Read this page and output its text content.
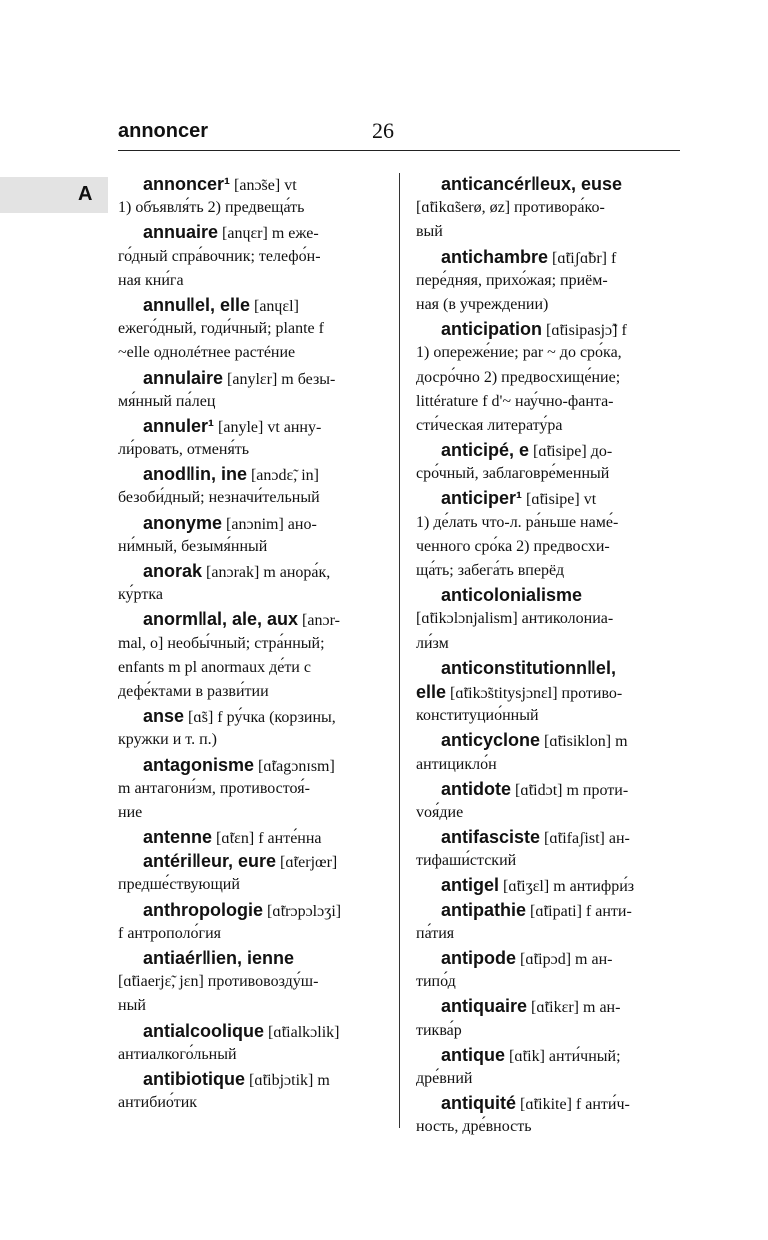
annoncer	26
A	annoncer¹ [anɔ̃se] vt
1) объявля́ть 2) предвеща́ть
annuaire [anɥɛr] m еже-
го́дный спра́вочник; телефо́н-
ная кни́га
annu‖el, elle [anɥɛl]
ежего́дный, годи́чный; plante f
~elle однолéтнее растéние
annulaire [anylɛr] m безы-
мя́нный па́лец
annuler¹ [anyle] vt анну-
ли́ровать, отменя́ть
anod‖in, ine [anɔdɛ̃, in]
безоби́дный; незначи́тельный
anonyme [anɔnim] ано-
ни́мный, безымя́нный
anorak [anɔrak] m анора́к,
ку́ртка
anorm‖al, ale, aux [anɔr-
mal, o] необы́чный; стра́нный;
enfants m pl anormaux де́ти с
дефе́ктами в разви́тии
anse [ɑ̃s] f ру́чка (корзины,
кружки и т. п.)
antagonisme [ɑ̃tagɔnɪsm]
m антагони́зм, противостоя́-
ние
antenne [ɑ̃tɛn] f анте́нна
antéri‖eur, eure [ɑ̃terjœr]
предше́ствующий
anthropologie [ɑ̃trɔpɔlɔʒi]
f антрополо́гия
antiaér‖ien, ienne
[ɑ̃tiaerjɛ̃, jɛn] противовозду́ш-
ный
antialcoolique [ɑ̃tialkɔlik]
антиалкого́льный
antibiotique [ɑ̃tibjɔtik] m
антибио́тик
anticancér‖eux, euse
[ɑ̃tikɑ̃serø, øz] противора́ко-
вый
antichambre [ɑ̃tiʃɑ̃br] f
пере́дняя, прихо́жая; приём-
ная (в учреждении)
anticipation [ɑ̃tisipasjɔ̃] f
1) опереже́ние; par ~ до сро́ка,
досро́чно 2) предвосхище́ние;
littérature f d'~ нау́чно-фанта-
сти́ческая литерату́ра
anticipé, e [ɑ̃tisipe] до-
сро́чный, заблаговре́менный
anticiper¹ [ɑ̃tisipe] vt
1) де́лать что-л. ра́ньше наме́-
ченного сро́ка 2) предвосхи-
ща́ть; забега́ть вперёд
anticolonialisme
[ɑ̃tikɔlɔnjalism] антиколониа-
ли́зм
anticonstitutionn‖el,
elle [ɑ̃tikɔ̃stitysjɔnɛl] противо-
конституцио́нный
anticyclone [ɑ̃tisiklon] m
антицикло́н
antidote [ɑ̃tidɔt] m проти-
voя́дие
antifasciste [ɑ̃tifaʃist] ан-
тифаши́стский
antigel [ɑ̃tiʒɛl] m антифри́з
antipathie [ɑ̃tipati] f анти-
па́тия
antipode [ɑ̃tipɔd] m ан-
типо́д
antiquaire [ɑ̃tikɛr] m ан-
тиква́р
antique [ɑ̃tik] анти́чный;
дре́вний
antiquité [ɑ̃tikite] f анти́ч-
ность, дре́вность
